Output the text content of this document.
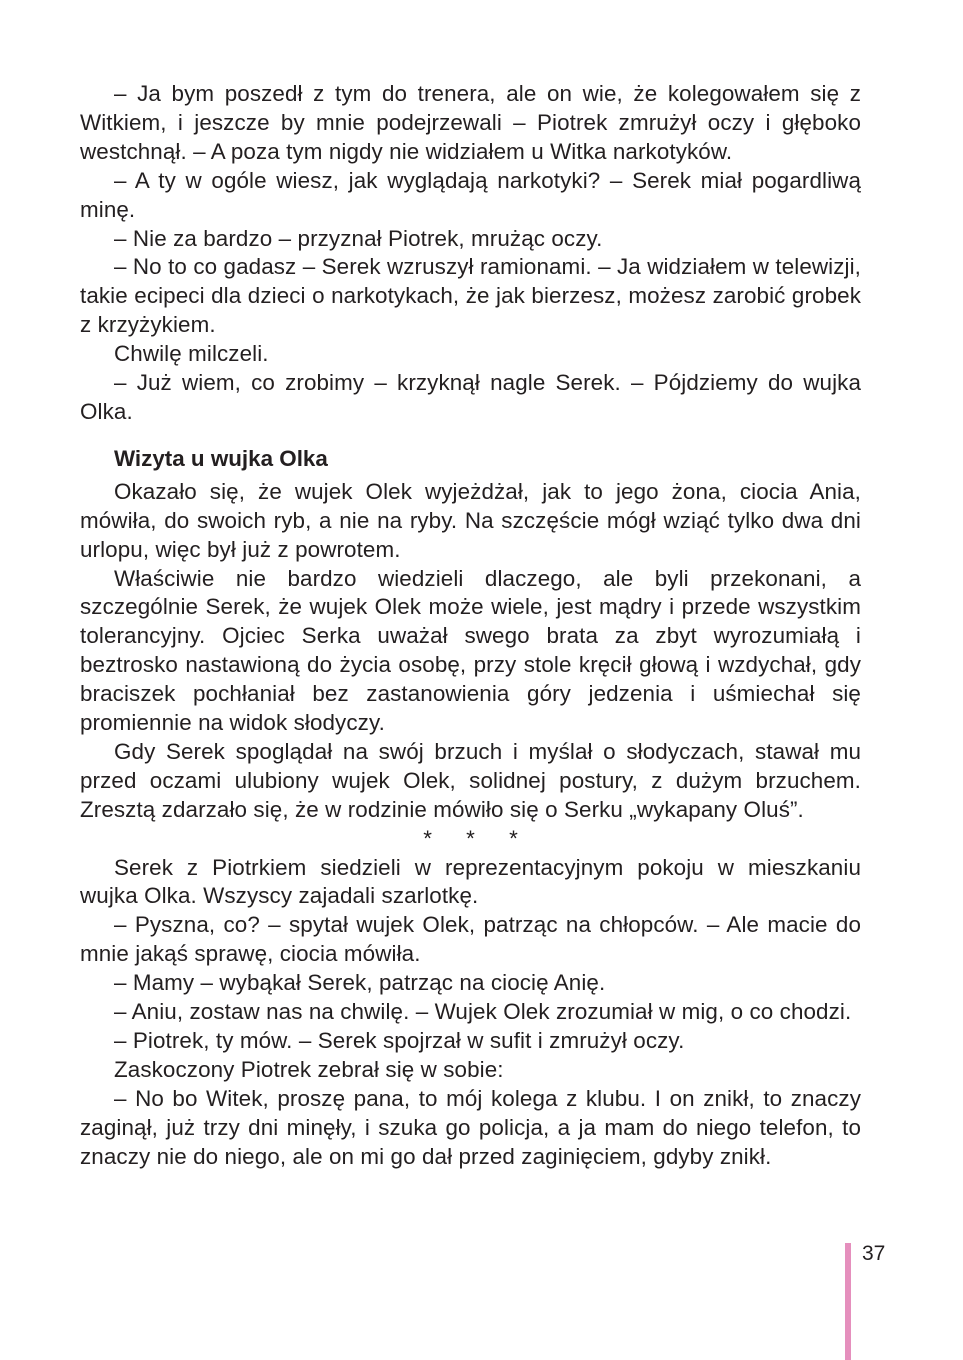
– Ja bym poszedł z tym do trenera, ale on wie, że kolegowałem się z Witkiem, i jeszcze by mnie podejrzewali – Piotrek zmrużył oczy i głęboko westchnął. – A poza tym nigdy nie widziałem u Witka narkotyków.

– A ty w ogóle wiesz, jak wyglądają narkotyki? – Serek miał pogardliwą minę.

– Nie za bardzo – przyznał Piotrek, mrużąc oczy.

– No to co gadasz – Serek wzruszył ramionami. – Ja widziałem w telewizji, takie ecipeci dla dzieci o narkotykach, że jak bierzesz, możesz zarobić grobek z krzyżykiem.

Chwilę milczeli.

– Już wiem, co zrobimy – krzyknął nagle Serek. – Pójdziemy do wujka Olka.

Wizyta u wujka Olka

Okazało się, że wujek Olek wyjeżdżał, jak to jego żona, ciocia Ania, mówiła, do swoich ryb, a nie na ryby. Na szczęście mógł wziąć tylko dwa dni urlopu, więc był już z powrotem.

Właściwie nie bardzo wiedzieli dlaczego, ale byli przekonani, a szczególnie Serek, że wujek Olek może wiele, jest mądry i przede wszystkim tolerancyjny. Ojciec Serka uważał swego brata za zbyt wyrozumiałą i beztrosko nastawioną do życia osobę, przy stole kręcił głową i wzdychał, gdy braciszek pochłaniał bez zastanowienia góry jedzenia i uśmiechał się promiennie na widok słodyczy.

Gdy Serek spoglądał na swój brzuch i myślał o słodyczach, stawał mu przed oczami ulubiony wujek Olek, solidnej postury, z dużym brzuchem. Zresztą zdarzało się, że w rodzinie mówiło się o Serku „wykapany Oluś”.

* * *

Serek z Piotrkiem siedzieli w reprezentacyjnym pokoju w mieszkaniu wujka Olka. Wszyscy zajadali szarlotkę.

– Pyszna, co? – spytał wujek Olek, patrząc na chłopców. – Ale macie do mnie jakąś sprawę, ciocia mówiła.

– Mamy – wybąkał Serek, patrząc na ciocię Anię.

– Aniu, zostaw nas na chwilę. – Wujek Olek zrozumiał w mig, o co chodzi.

– Piotrek, ty mów. – Serek spojrzał w sufit i zmrużył oczy.

Zaskoczony Piotrek zebrał się w sobie:

– No bo Witek, proszę pana, to mój kolega z klubu. I on znikł, to znaczy zaginął, już trzy dni minęły, i szuka go policja, a ja mam do niego telefon, to znaczy nie do niego, ale on mi go dał przed zaginięciem, gdyby znikł.

37
